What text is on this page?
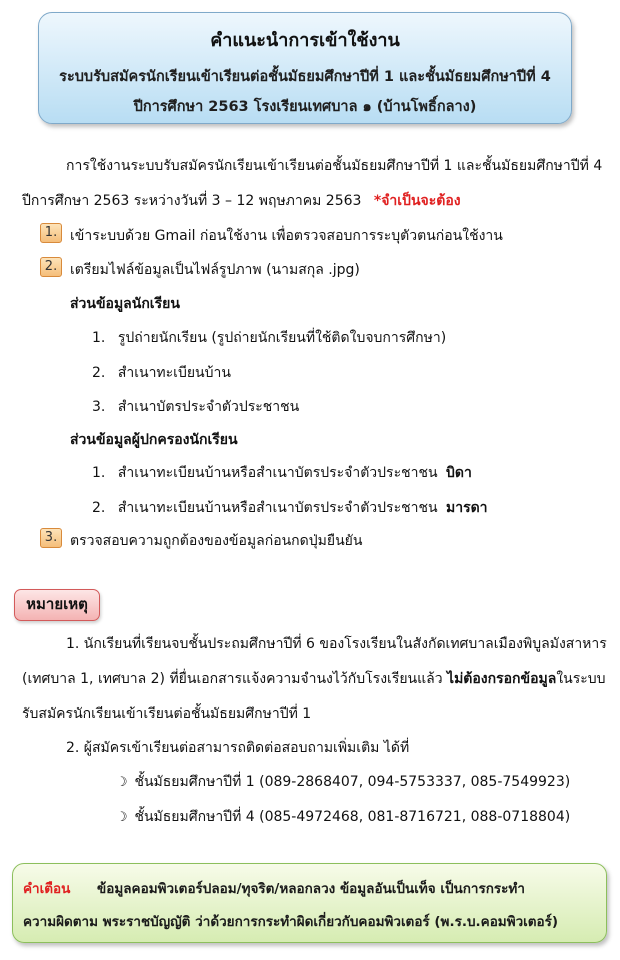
คำแนะนำการเข้าใช้งาน
ระบบรับสมัครนักเรียนเข้าเรียนต่อชั้นมัธยมศึกษาปีที่ 1 และชั้นมัธยมศึกษาปีที่ 4
ปีการศึกษา 2563 โรงเรียนเทศบาล ๑ (บ้านโพธิ์กลาง)
การใช้งานระบบรับสมัครนักเรียนเข้าเรียนต่อชั้นมัธยมศึกษาปีที่ 1 และชั้นมัธยมศึกษาปีที่ 4
ปีการศึกษา 2563 ระหว่างวันที่ 3 – 12 พฤษภาคม 2563 *จำเป็นจะต้อง
1. เข้าระบบด้วย Gmail ก่อนใช้งาน เพื่อตรวจสอบการระบุตัวตนก่อนใช้งาน
2. เตรียมไฟล์ข้อมูลเป็นไฟล์รูปภาพ (นามสกุล .jpg)
ส่วนข้อมูลนักเรียน
1. รูปถ่ายนักเรียน (รูปถ่ายนักเรียนที่ใช้ติดใบจบการศึกษา)
2. สำเนาทะเบียนบ้าน
3. สำเนาบัตรประจำตัวประชาชน
ส่วนข้อมูลผู้ปกครองนักเรียน
1. สำเนาทะเบียนบ้านหรือสำเนาบัตรประจำตัวประชาชน บิดา
2. สำเนาทะเบียนบ้านหรือสำเนาบัตรประจำตัวประชาชน มารดา
3. ตรวจสอบความถูกต้องของข้อมูลก่อนกดปุ่มยืนยัน
หมายเหตุ
1. นักเรียนที่เรียนจบชั้นประถมศึกษาปีที่ 6 ของโรงเรียนในสังกัดเทศบาลเมืองพิบูลมังสาหาร
(เทศบาล 1, เทศบาล 2) ที่ยื่นเอกสารแจ้งความจำนงไว้กับโรงเรียนแล้ว ไม่ต้องกรอกข้อมูลในระบบ
รับสมัครนักเรียนเข้าเรียนต่อชั้นมัธยมศึกษาปีที่ 1
2. ผู้สมัครเข้าเรียนต่อสามารถติดต่อสอบถามเพิ่มเติม ได้ที่
☽ ชั้นมัธยมศึกษาปีที่ 1 (089-2868407, 094-5753337, 085-7549923)
☽ ชั้นมัธยมศึกษาปีที่ 4 (085-4972468, 081-8716721, 088-0718804)
คำเตือน ข้อมูลคอมพิวเตอร์ปลอม/ทุจริต/หลอกลวง ข้อมูลอันเป็นเท็จ เป็นการกระทำ
ความผิดตาม พระราชบัญญัติ ว่าด้วยการกระทำผิดเกี่ยวกับคอมพิวเตอร์ (พ.ร.บ.คอมพิวเตอร์)
